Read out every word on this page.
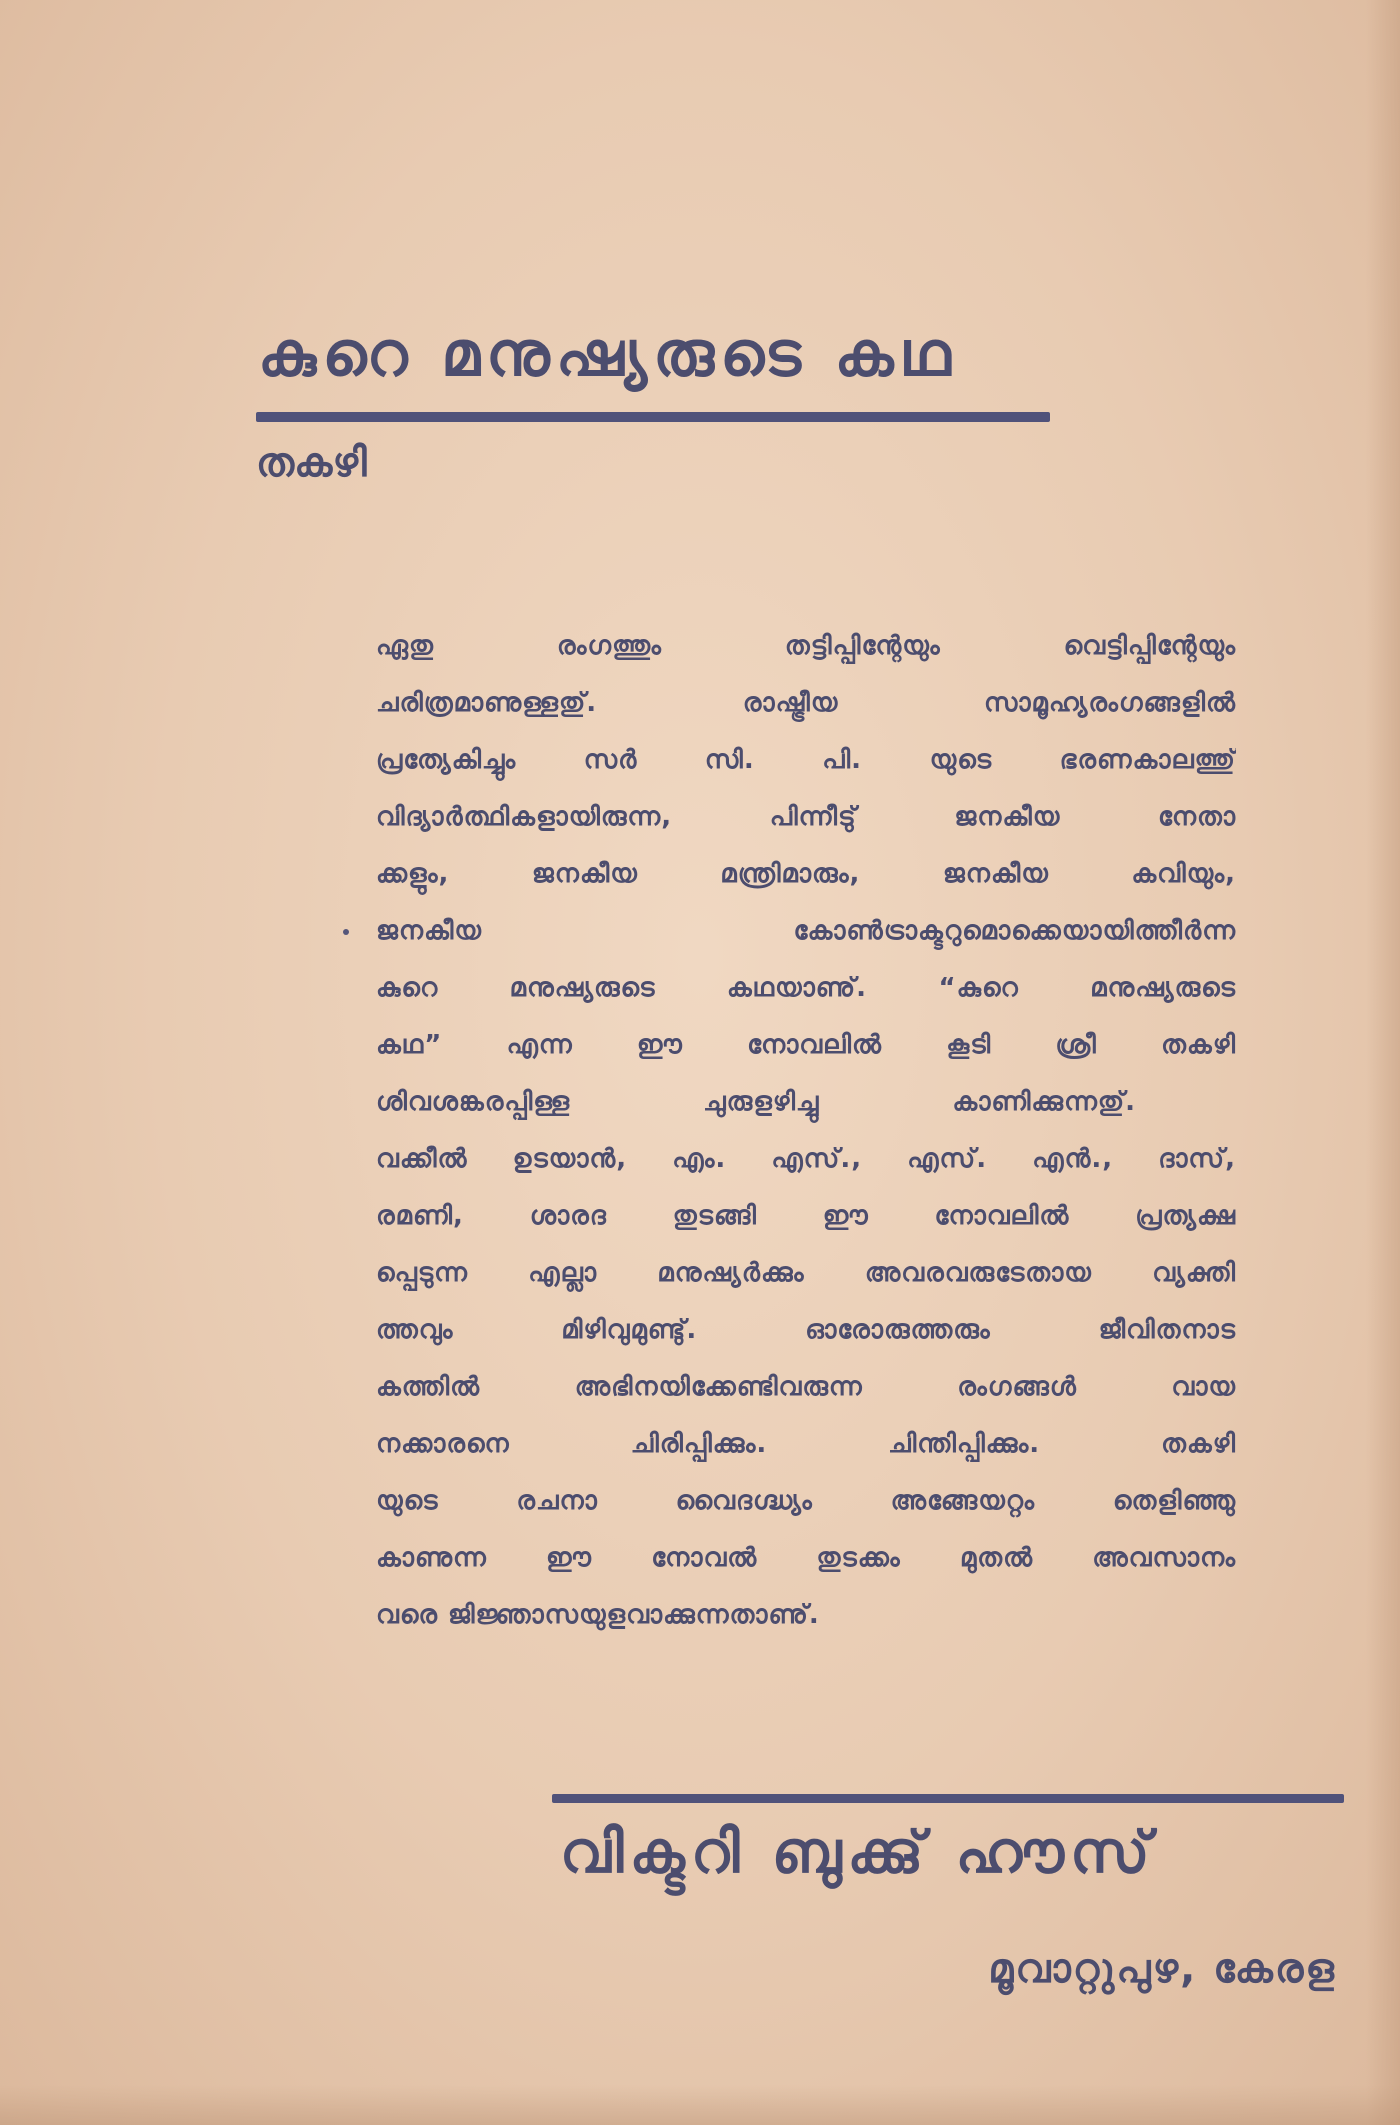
കുറെ മനുഷ്യരുടെ കഥ
തകഴി
ഏതു രംഗത്തും തട്ടിപ്പിന്റേയും വെട്ടിപ്പിന്റേയും
ചരിത്രമാണുള്ളതു്. രാഷ്ട്രീയ സാമൂഹ്യരംഗങ്ങളിൽ
പ്രത്യേകിച്ചും സർ സി. പി. യുടെ ഭരണകാലത്തു്
വിദ്യാർത്ഥികളായിരുന്ന, പിന്നീടു് ജനകീയ നേതാ
ക്കളും, ജനകീയ മന്ത്രിമാരും, ജനകീയ കവിയും,
ജനകീയ കോൺട്രാക്ടറുമൊക്കെയായിത്തീർന്ന
കുറെ മനുഷ്യരുടെ കഥയാണു്. “കുറെ മനുഷ്യരുടെ
കഥ” എന്ന ഈ നോവലിൽ കൂടി ശ്രീ തകഴി
ശിവശങ്കരപ്പിള്ള ചുരുളഴിച്ചു കാണിക്കുന്നതു്.
വക്കീൽ ഉടയാൻ, എം. എസ്., എസ്. എൻ., ദാസ്,
രമണി, ശാരദ തുടങ്ങി ഈ നോവലിൽ പ്രത്യക്ഷ
പ്പെടുന്ന എല്ലാ മനുഷ്യർക്കും അവരവരുടേതായ വ്യക്തി
ത്തവും മിഴിവുമുണ്ടു്. ഓരോരുത്തരും ജീവിതനാട
കത്തിൽ അഭിനയിക്കേണ്ടിവരുന്ന രംഗങ്ങൾ വായ
നക്കാരനെ ചിരിപ്പിക്കും. ചിന്തിപ്പിക്കും. തകഴി
യുടെ രചനാ വൈദഗ്ദ്ധ്യം അങ്ങേയറ്റം തെളിഞ്ഞു
കാണുന്ന ഈ നോവൽ തുടക്കം മുതൽ അവസാനം
വരെ ജിജ്ഞാസയുളവാക്കുന്നതാണു്.
വിക്ടറി ബുക്കു് ഹൗസ്
മൂവാറ്റുപുഴ, കേരള
